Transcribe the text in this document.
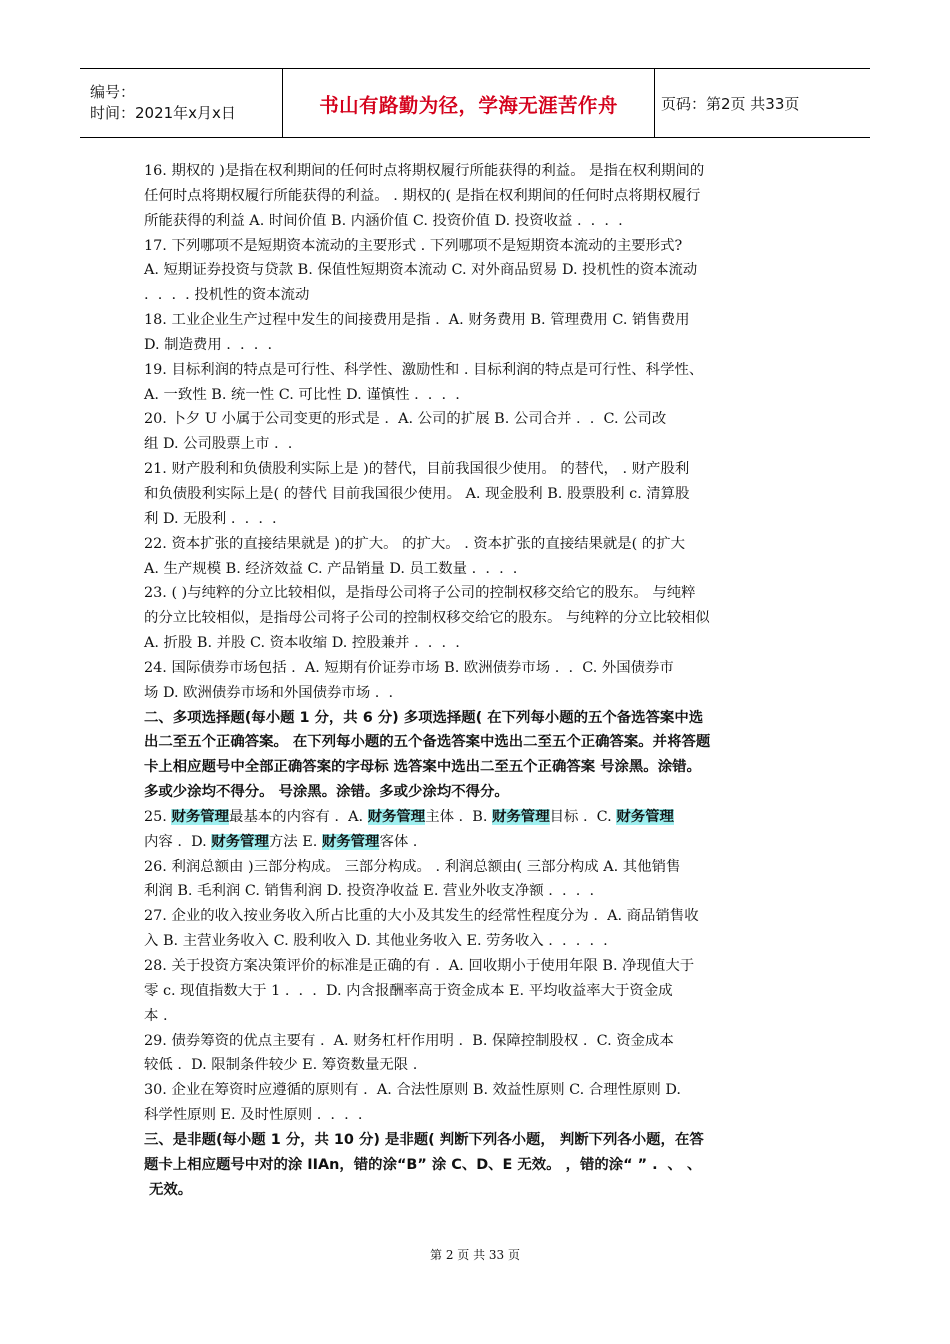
编号：
时间：2021年x月x日	书山有路勤为径，学海无涯苦作舟	页码：第2页 共33页
16. 期权的 )是指在权利期间的任何时点将期权履行所能获得的利益。 是指在权利期间的
任何时点将期权履行所能获得的利益。 . 期权的( 是指在权利期间的任何时点将期权履行
所能获得的利益 A. 时间价值 B. 内涵价值 C. 投资价值 D. 投资收益 .  .  .  .
17. 下列哪项不是短期资本流动的主要形式 . 下列哪项不是短期资本流动的主要形式?
A. 短期证券投资与贷款 B. 保值性短期资本流动 C. 对外商品贸易 D. 投机性的资本流动
.  .  .  . 投机性的资本流动
18. 工业企业生产过程中发生的间接费用是指 .  A. 财务费用 B. 管理费用 C. 销售费用
D. 制造费用 .  .  .  .
19. 目标利润的特点是可行性、科学性、激励性和 . 目标利润的特点是可行性、科学性、
A. 一致性 B. 统一性 C. 可比性 D. 谨慎性 .  .  .  .
20. 卜夕 U 小属于公司变更的形式是 .  A. 公司的扩展 B. 公司合并 .  .  C. 公司改
组 D. 公司股票上市 .  .
21. 财产股利和负债股利实际上是 )的替代，目前我国很少使用。 的替代， . 财产股利
和负债股利实际上是( 的替代 目前我国很少使用。 A. 现金股利 B. 股票股利 c. 清算股
利 D. 无股利 .  .  .  .
22. 资本扩张的直接结果就是 )的扩大。 的扩大。 . 资本扩张的直接结果就是( 的扩大
A. 生产规模 B. 经济效益 C. 产品销量 D. 员工数量 .  .  .  .
23. ( )与纯粹的分立比较相似，是指母公司将子公司的控制权移交给它的股东。 与纯粹
的分立比较相似，是指母公司将子公司的控制权移交给它的股东。 与纯粹的分立比较相似
A. 折股 B. 并股 C. 资本收缩 D. 控股兼并 .  .  .  .
24. 国际债券市场包括 .  A. 短期有价证券市场 B. 欧洲债券市场 .  .  C. 外国债券市
场 D. 欧洲债券市场和外国债券市场 .  .
二、多项选择题(每小题 1 分，共 6 分) 多项选择题( 在下列每小题的五个备选答案中选
出二至五个正确答案。 在下列每小题的五个备选答案中选出二至五个正确答案。并将答题
卡上相应题号中全部正确答案的字母标 选答案中选出二至五个正确答案 号涂黑。涂错。
多或少涂均不得分。 号涂黑。涂错。多或少涂均不得分。
25. 财务管理最基本的内容有 .  A. 财务管理主体 .  B. 财务管理目标 .  C. 财务管理
内容 .  D. 财务管理方法 E. 财务管理客体 .
26. 利润总额由 )三部分构成。 三部分构成。 . 利润总额由( 三部分构成 A. 其他销售
利润 B. 毛利润 C. 销售利润 D. 投资净收益 E. 营业外收支净额 .  .  .  .
27. 企业的收入按业务收入所占比重的大小及其发生的经常性程度分为 .  A. 商品销售收
入 B. 主营业务收入 C. 股利收入 D. 其他业务收入 E. 劳务收入 .  .  .  .  .
28. 关于投资方案决策评价的标准是正确的有 .  A. 回收期小于使用年限 B. 净现值大于
零 c. 现值指数大于 1 .  .  .  D. 内含报酬率高于资金成本 E. 平均收益率大于资金成
本 .
29. 债券筹资的优点主要有 .  A. 财务杠杆作用明 .  B. 保障控制股权 .  C. 资金成本
较低 .  D. 限制条件较少 E. 筹资数量无限 .
30. 企业在筹资时应遵循的原则有 .  A. 合法性原则 B. 效益性原则 C. 合理性原则 D.
科学性原则 E. 及时性原则 .  .  .  .
三、是非题(每小题 1 分，共 10 分) 是非题( 判断下列各小题， 判断下列各小题，在答
题卡上相应题号中对的涂 IIAn，错的涂“B” 涂 C、D、E 无效。 ，错的涂“ ” .  、 、
无效。
第 2 页 共 33 页
